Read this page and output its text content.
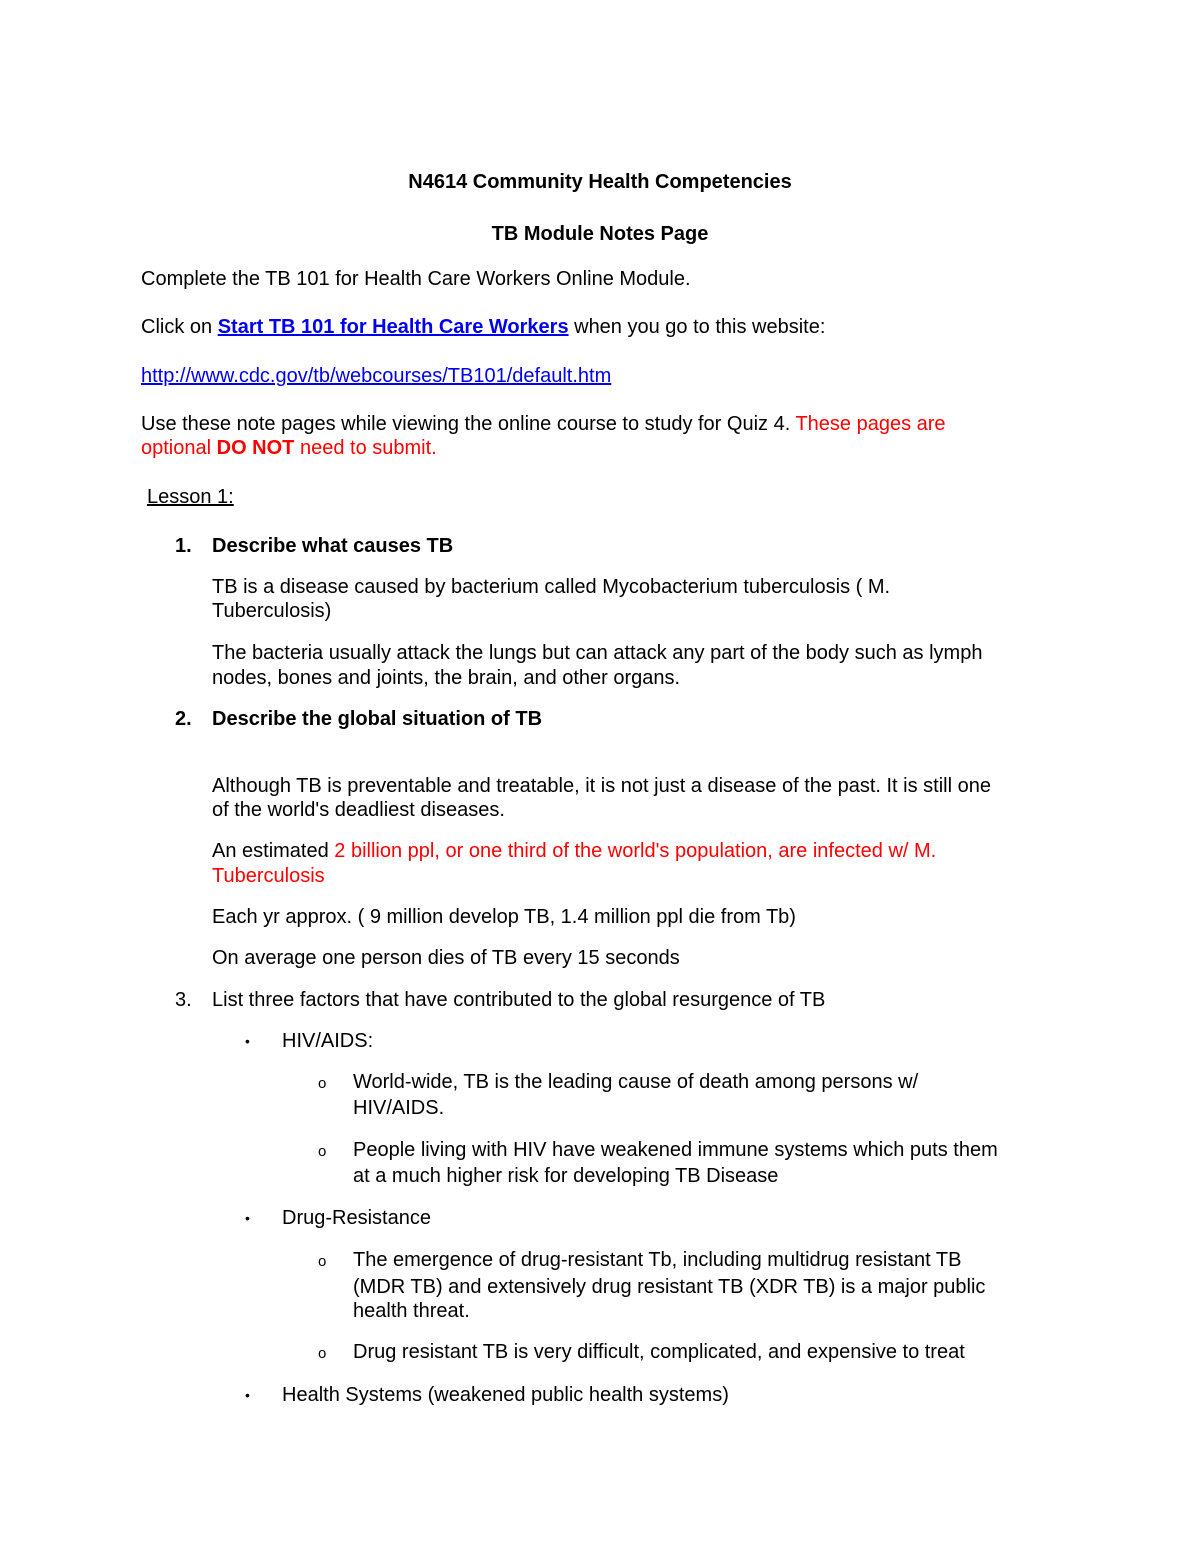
N4614 Community Health Competencies
TB Module Notes Page
Complete the TB 101 for Health Care Workers Online Module.
Click on Start TB 101 for Health Care Workers when you go to this website:
http://www.cdc.gov/tb/webcourses/TB101/default.htm
Use these note pages while viewing the online course to study for Quiz 4. These pages are
optional DO NOT need to submit.
Lesson 1:
1. Describe what causes TB
TB is a disease caused by bacterium called Mycobacterium tuberculosis ( M.
Tuberculosis)
The bacteria usually attack the lungs but can attack any part of the body such as lymph
nodes, bones and joints, the brain, and other organs.
2. Describe the global situation of TB
Although TB is preventable and treatable, it is not just a disease of the past. It is still one
of the world's deadliest diseases.
An estimated 2 billion ppl, or one third of the world's population, are infected w/ M.
Tuberculosis
Each yr approx. ( 9 million develop TB, 1.4 million ppl die from Tb)
On average one person dies of TB every 15 seconds
3. List three factors that have contributed to the global resurgence of TB
• HIV/AIDS:
o World-wide, TB is the leading cause of death among persons w/
HIV/AIDS.
o People living with HIV have weakened immune systems which puts them
at a much higher risk for developing TB Disease
• Drug-Resistance
o The emergence of drug-resistant Tb, including multidrug resistant TB
(MDR TB) and extensively drug resistant TB (XDR TB) is a major public
health threat.
o Drug resistant TB is very difficult, complicated, and expensive to treat
• Health Systems (weakened public health systems)
